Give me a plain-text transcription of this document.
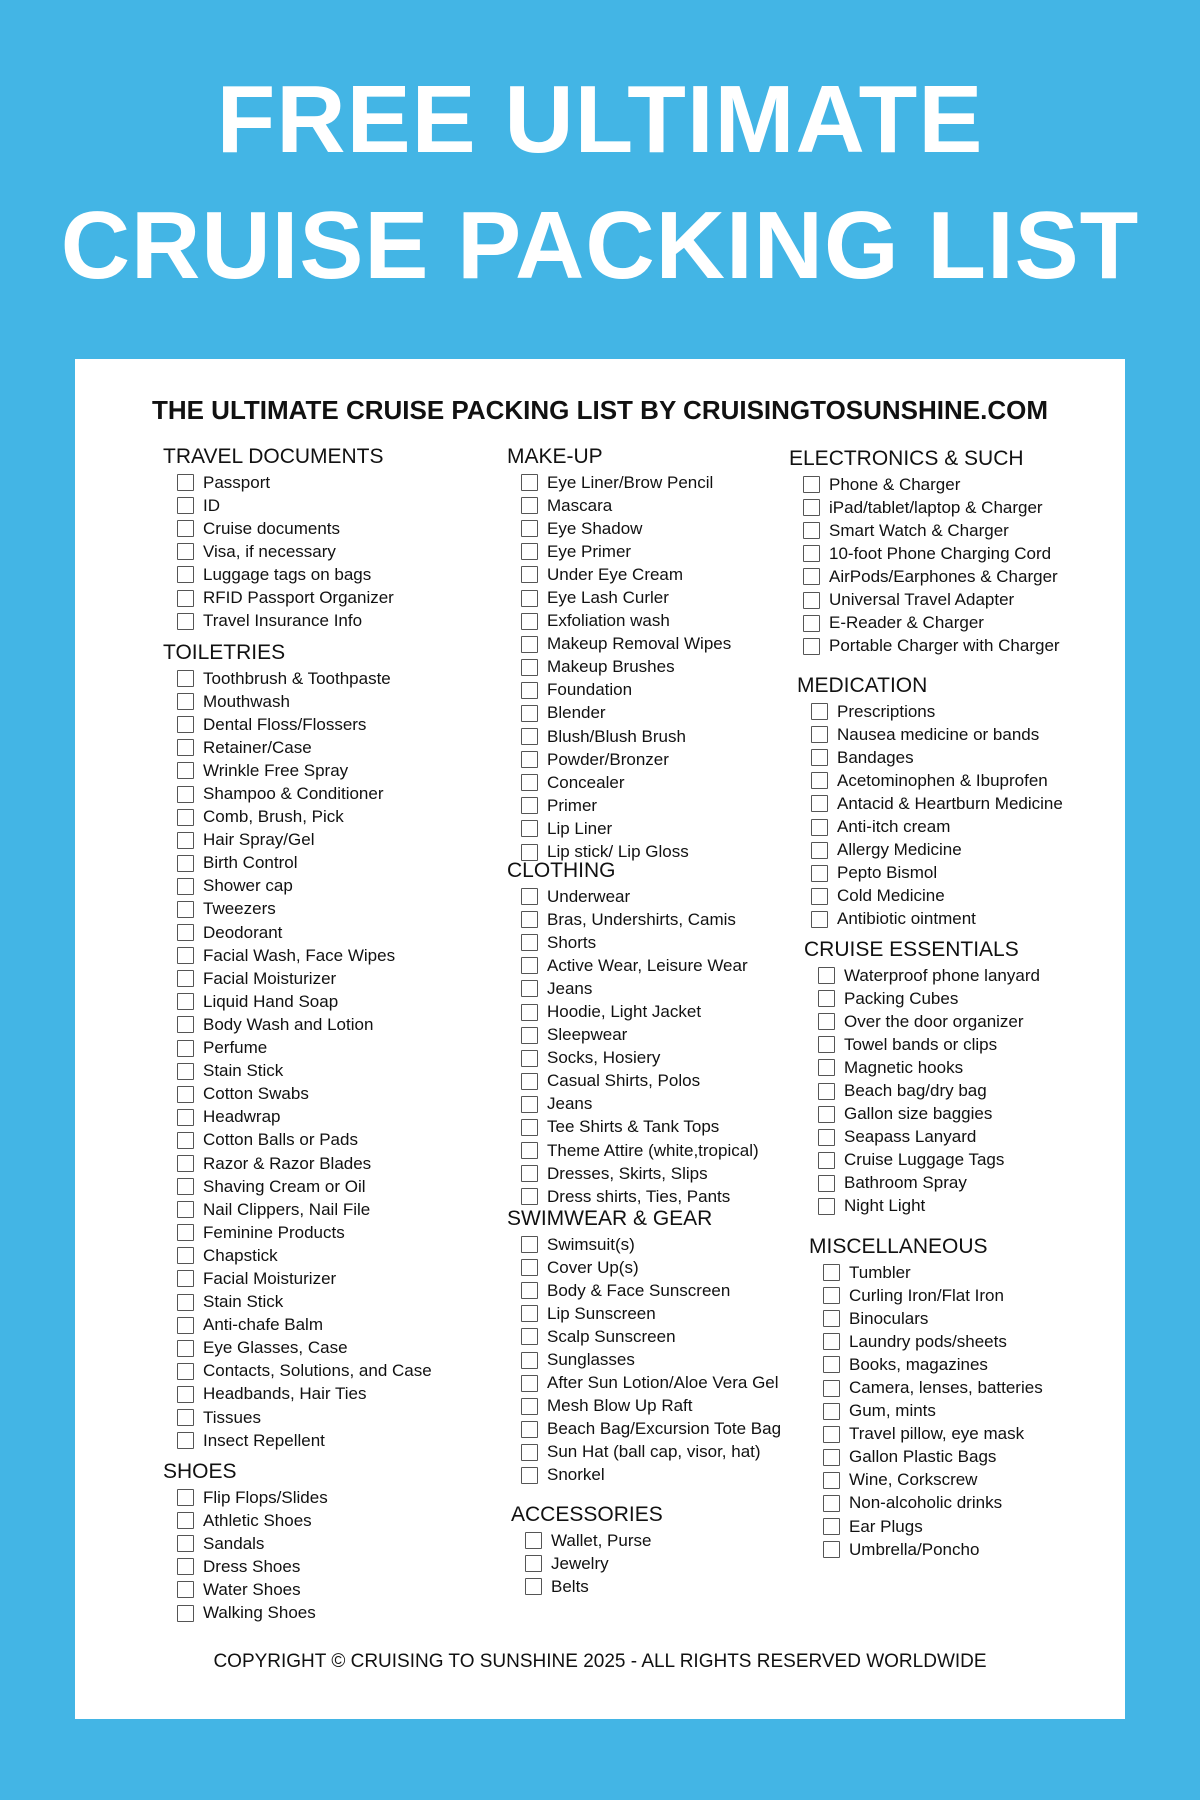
FREE ULTIMATE
CRUISE PACKING LIST
THE ULTIMATE CRUISE PACKING LIST BY CRUISINGTOSUNSHINE.COM
TRAVEL DOCUMENTS
Passport
ID
Cruise documents
Visa, if necessary
Luggage tags on bags
RFID Passport Organizer
Travel Insurance Info
TOILETRIES
Toothbrush & Toothpaste
Mouthwash
Dental Floss/Flossers
Retainer/Case
Wrinkle Free Spray
Shampoo & Conditioner
Comb, Brush, Pick
Hair Spray/Gel
Birth Control
Shower cap
Tweezers
Deodorant
Facial Wash, Face Wipes
Facial Moisturizer
Liquid Hand Soap
Body Wash and Lotion
Perfume
Stain Stick
Cotton Swabs
Headwrap
Cotton Balls or Pads
Razor & Razor Blades
Shaving Cream or Oil
Nail Clippers, Nail File
Feminine Products
Chapstick
Facial Moisturizer
Stain Stick
Anti-chafe Balm
Eye Glasses, Case
Contacts, Solutions, and Case
Headbands, Hair Ties
Tissues
Insect Repellent
SHOES
Flip Flops/Slides
Athletic Shoes
Sandals
Dress Shoes
Water Shoes
Walking Shoes
MAKE-UP
Eye Liner/Brow Pencil
Mascara
Eye Shadow
Eye Primer
Under Eye Cream
Eye Lash Curler
Exfoliation wash
Makeup Removal Wipes
Makeup Brushes
Foundation
Blender
Blush/Blush Brush
Powder/Bronzer
Concealer
Primer
Lip Liner
Lip stick/ Lip Gloss
CLOTHING
Underwear
Bras, Undershirts, Camis
Shorts
Active Wear, Leisure Wear
Jeans
Hoodie, Light Jacket
Sleepwear
Socks, Hosiery
Casual Shirts, Polos
Jeans
Tee Shirts & Tank Tops
Theme Attire (white,tropical)
Dresses, Skirts, Slips
Dress shirts, Ties, Pants
SWIMWEAR & GEAR
Swimsuit(s)
Cover Up(s)
Body & Face Sunscreen
Lip Sunscreen
Scalp Sunscreen
Sunglasses
After Sun Lotion/Aloe Vera Gel
Mesh Blow Up Raft
Beach Bag/Excursion Tote Bag
Sun Hat (ball cap, visor, hat)
Snorkel
ACCESSORIES
Wallet, Purse
Jewelry
Belts
ELECTRONICS & SUCH
Phone & Charger
iPad/tablet/laptop & Charger
Smart Watch & Charger
10-foot Phone Charging Cord
AirPods/Earphones & Charger
Universal Travel Adapter
E-Reader & Charger
Portable Charger with Charger
MEDICATION
Prescriptions
Nausea medicine or bands
Bandages
Acetominophen & Ibuprofen
Antacid & Heartburn Medicine
Anti-itch cream
Allergy Medicine
Pepto Bismol
Cold Medicine
Antibiotic ointment
CRUISE ESSENTIALS
Waterproof phone lanyard
Packing Cubes
Over the door organizer
Towel bands or clips
Magnetic hooks
Beach bag/dry bag
Gallon size baggies
Seapass Lanyard
Cruise Luggage Tags
Bathroom Spray
Night Light
MISCELLANEOUS
Tumbler
Curling Iron/Flat Iron
Binoculars
Laundry pods/sheets
Books, magazines
Camera, lenses, batteries
Gum, mints
Travel pillow, eye mask
Gallon Plastic Bags
Wine, Corkscrew
Non-alcoholic drinks
Ear Plugs
Umbrella/Poncho

COPYRIGHT © CRUISING TO SUNSHINE 2025 - ALL RIGHTS RESERVED WORLDWIDE
